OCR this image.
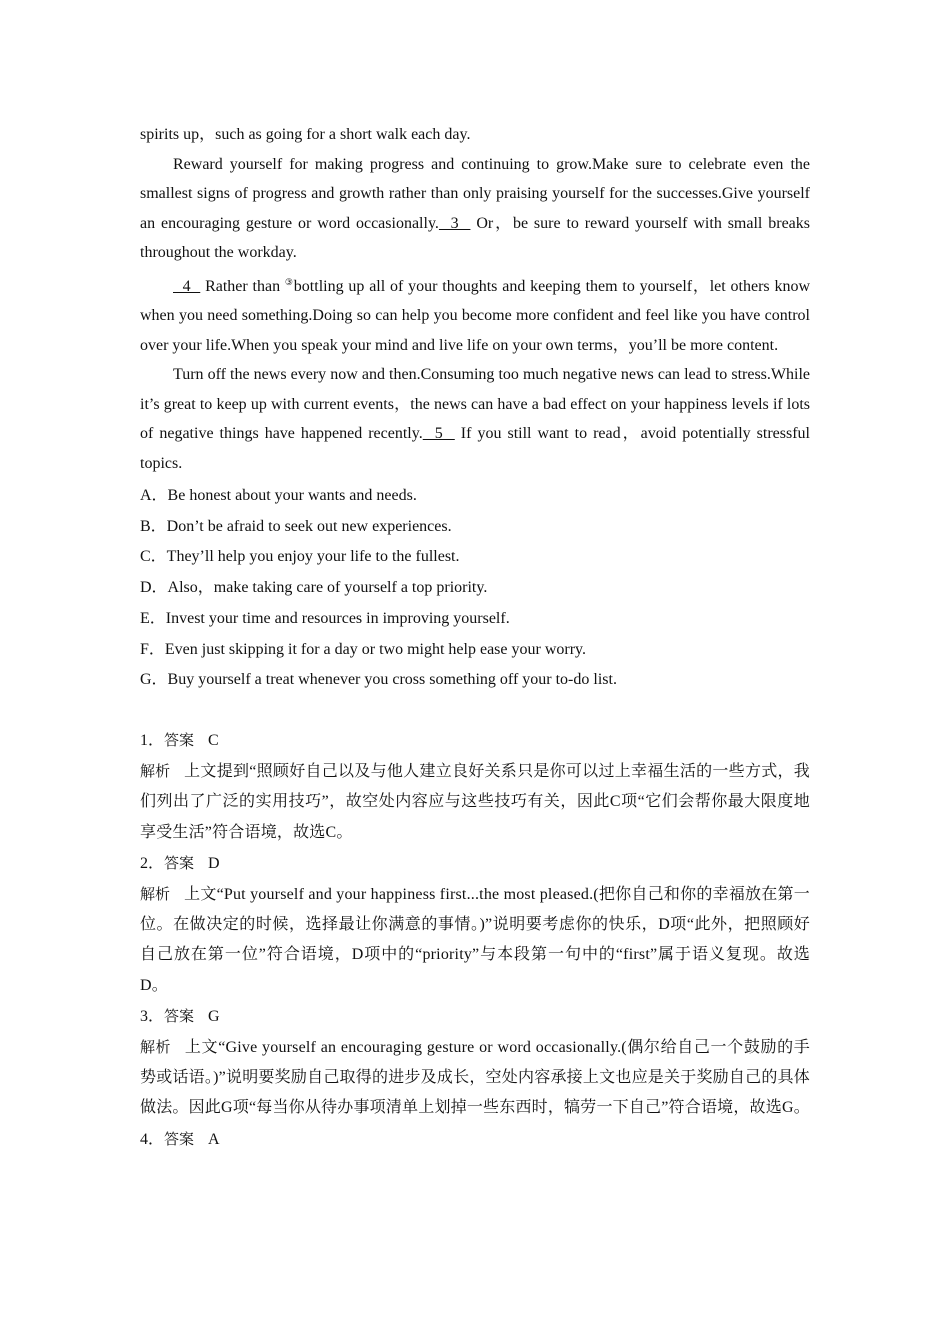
spirits up，such as going for a short walk each day.

Reward yourself for making progress and continuing to grow.Make sure to celebrate even the smallest signs of progress and growth rather than only praising yourself for the successes.Give yourself an encouraging gesture or word occasionally.  3   Or，be sure to reward yourself with small breaks throughout the workday.

4   Rather than ③bottling up all of your thoughts and keeping them to yourself，let others know when you need something.Doing so can help you become more confident and feel like you have control over your life.When you speak your mind and live life on your own terms，you’ll be more content.

Turn off the news every now and then.Consuming too much negative news can lead to stress.While it’s great to keep up with current events，the news can have a bad effect on your happiness levels if lots of negative things have happened recently.  5   If you still want to read，avoid potentially stressful topics.

A．Be honest about your wants and needs.

B．Don’t be afraid to seek out new experiences.

C．They’ll help you enjoy your life to the fullest.

D．Also，make taking care of yourself a top priority.

E．Invest your time and resources in improving yourself.

F．Even just skipping it for a day or two might help ease your worry.

G．Buy yourself a treat whenever you cross something off your to-do list.

1．答案 C

解析 上文提到“照顾好自己以及与他人建立良好关系只是你可以过上幸福生活的一些方式，我们列出了广泛的实用技巧”，故空处内容应与这些技巧有关，因此C项“它们会帮你最大限度地享受生活”符合语境，故选C。

2．答案 D

解析 上文“Put yourself and your happiness first...the most pleased.(把你自己和你的幸福放在第一位。在做决定的时候，选择最让你满意的事情。)”说明要考虑你的快乐，D项“此外，把照顾好自己放在第一位”符合语境，D项中的“priority”与本段第一句中的“first”属于语义复现。故选D。

3．答案 G

解析 上文“Give yourself an encouraging gesture or word occasionally.(偶尔给自己一个鼓励的手势或话语。)”说明要奖励自己取得的进步及成长，空处内容承接上文也应是关于奖励自己的具体做法。因此G项“每当你从待办事项清单上划掉一些东西时，犒劳一下自己”符合语境，故选G。

4．答案 A
